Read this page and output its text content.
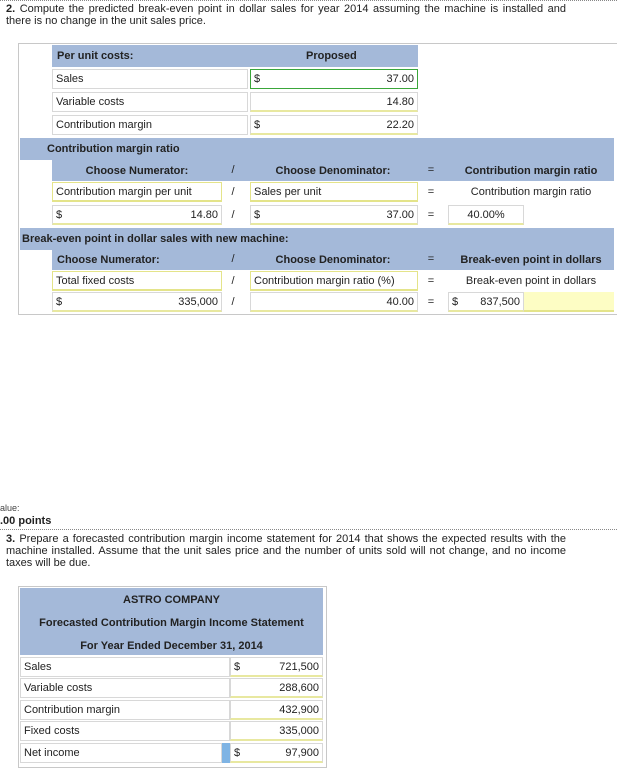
2. Compute the predicted break-even point in dollar sales for year 2014 assuming the machine is installed and there is no change in the unit sales price.
Per unit costs:	Proposed
Sales	$	37.00
Variable costs	14.80
Contribution margin	$	22.20
Contribution margin ratio
Choose Numerator:	/	Choose Denominator:	=	Contribution margin ratio
Contribution margin per unit	/	Sales per unit	=	Contribution margin ratio
$	14.80	/	$	37.00	=	40.00%
Break-even point in dollar sales with new machine:
Choose Numerator:	/	Choose Denominator:	=	Break-even point in dollars
Total fixed costs	/	Contribution margin ratio (%)	=	Break-even point in dollars
$	335,000	/	40.00	=	$ 837,500
alue:
.00 points
3. Prepare a forecasted contribution margin income statement for 2014 that shows the expected results with the machine installed. Assume that the unit sales price and the number of units sold will not change, and no income taxes will be due.
ASTRO COMPANY
Forecasted Contribution Margin Income Statement
For Year Ended December 31, 2014
Sales	$	721,500
Variable costs	288,600
Contribution margin	432,900
Fixed costs	335,000
Net income	$	97,900
